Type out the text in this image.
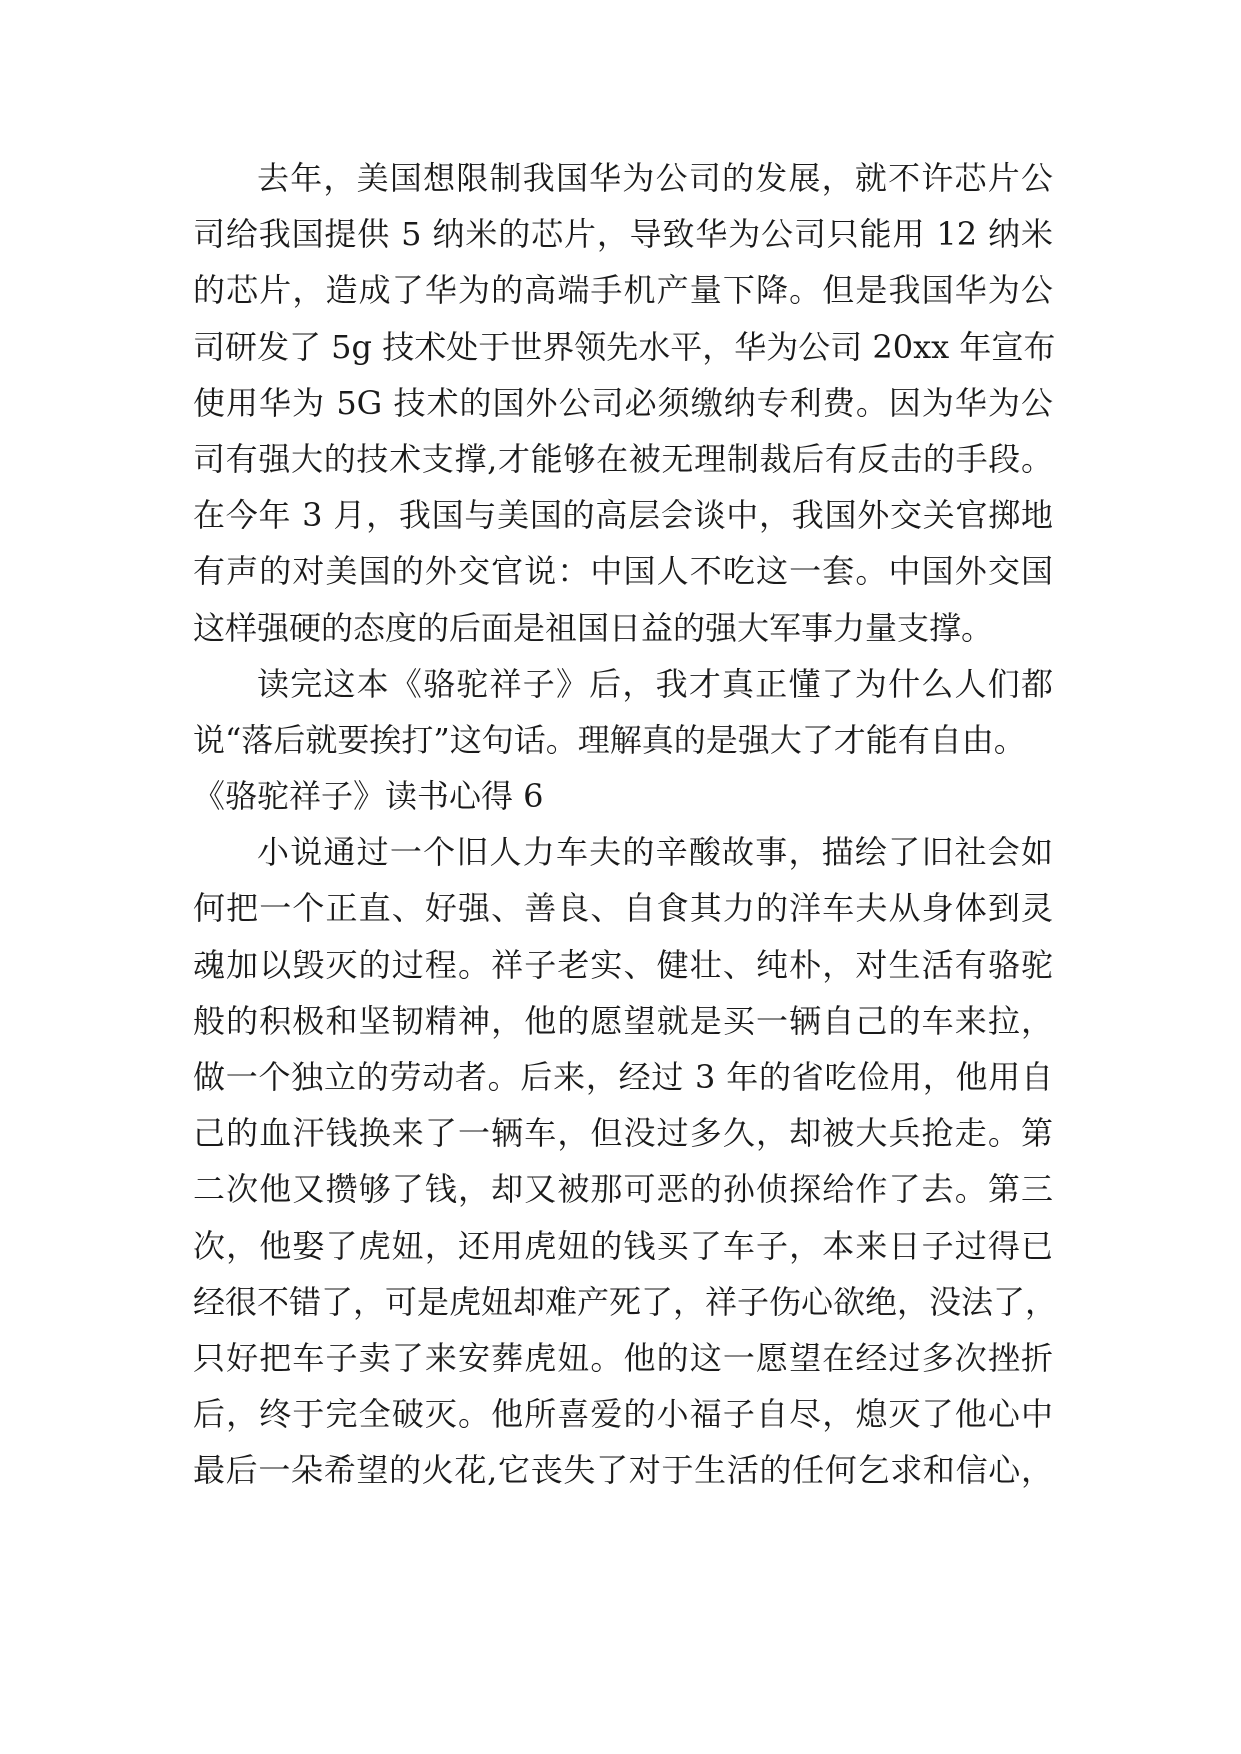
去年，美国想限制我国华为公司的发展，就不许芯片公
司给我国提供 5 纳米的芯片，导致华为公司只能用 12 纳米
的芯片，造成了华为的高端手机产量下降。但是我国华为公
司研发了 5g 技术处于世界领先水平，华为公司 20xx 年宣布
使用华为 5G 技术的国外公司必须缴纳专利费。因为华为公
司有强大的技术支撑,才能够在被无理制裁后有反击的手段。
在今年 3 月，我国与美国的高层会谈中，我国外交关官掷地
有声的对美国的外交官说：中国人不吃这一套。中国外交国
这样强硬的态度的后面是祖国日益的强大军事力量支撑。
读完这本《骆驼祥子》后，我才真正懂了为什么人们都
说“落后就要挨打”这句话。理解真的是强大了才能有自由。
《骆驼祥子》读书心得 6
小说通过一个旧人力车夫的辛酸故事，描绘了旧社会如
何把一个正直、好强、善良、自食其力的洋车夫从身体到灵
魂加以毁灭的过程。祥子老实、健壮、纯朴，对生活有骆驼
般的积极和坚韧精神，他的愿望就是买一辆自己的车来拉，
做一个独立的劳动者。后来，经过 3 年的省吃俭用，他用自
己的血汗钱换来了一辆车，但没过多久，却被大兵抢走。第
二次他又攒够了钱，却又被那可恶的孙侦探给作了去。第三
次，他娶了虎妞，还用虎妞的钱买了车子，本来日子过得已
经很不错了，可是虎妞却难产死了，祥子伤心欲绝，没法了，
只好把车子卖了来安葬虎妞。他的这一愿望在经过多次挫折
后，终于完全破灭。他所喜爱的小福子自尽，熄灭了他心中
最后一朵希望的火花,它丧失了对于生活的任何乞求和信心，
